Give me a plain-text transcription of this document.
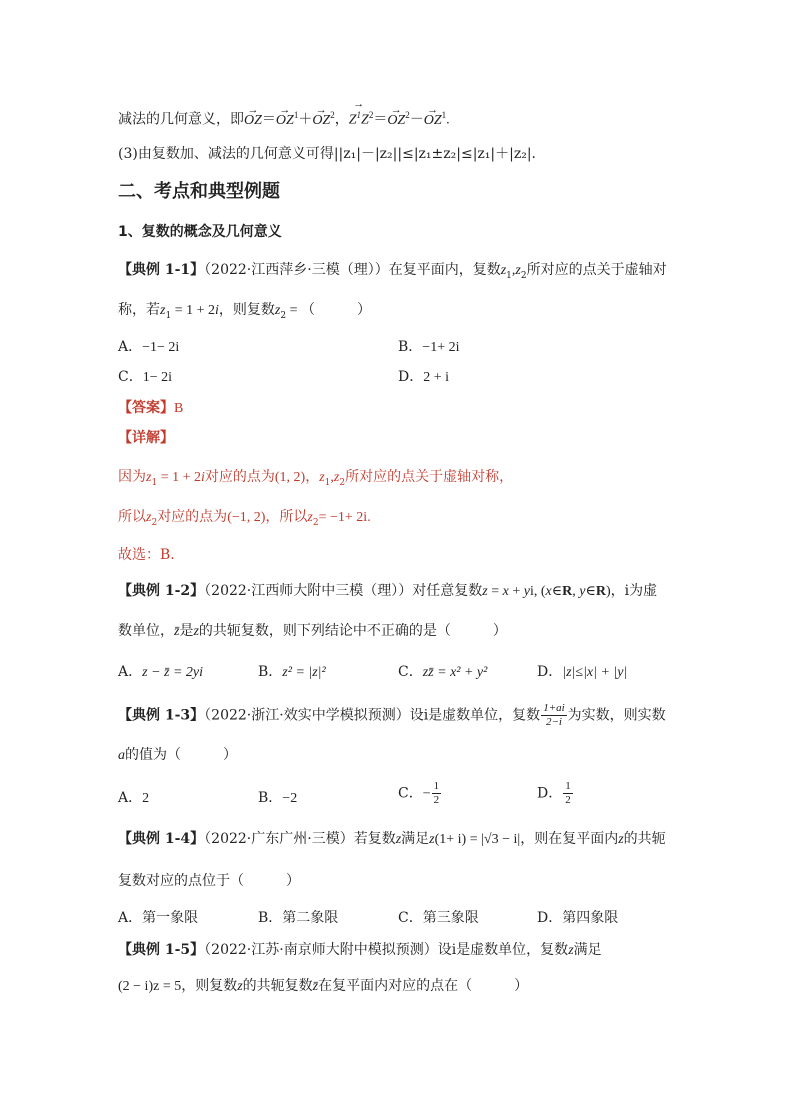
减法的几何意义，即→ $OZ=\to OZ^1+\to OZ^2$，→ $Z^1Z^2=\to OZ^2-\to OZ^1$.
(3)由复数加、减法的几何意义可得||z₁|－|z₂||≤|z₁±z₂|≤|z₁|＋|z₂|.
二、考点和典型例题
1、复数的概念及几何意义
【典例 1-1】（2022·江西萍乡·三模（理））在复平面内，复数$z_1,z_2$所对应的点关于虚轴对
称，若$z_1 = 1 + 2i$，则复数$z_2$ = （　　　）
A．−1− 2i	B．−1+ 2i
C．1− 2i	D．2 + i
【答案】B
【详解】
因为$z_1 = 1 + 2i$对应的点为(1, 2)，$z_1,z_2$所对应的点关于虚轴对称，
所以$z_2$对应的点为(−1, 2)，所以$z_2= -1+ 2i$.
故选：B.
【典例 1-2】（2022·江西师大附中三模（理））对任意复数z = x + yi, (x∈R, y∈R)，i为虚
数单位，z̄是z的共轭复数，则下列结论中不正确的是（　　　）
A．z − z̄ = 2yi	B．z² = |z|²	C．zz̄ = x² + y²	D．|z|≤|x| + |y|
【典例 1-3】（2022·浙江·效实中学模拟预测）设i是虚数单位，复数 $\frac{1+ai}{2-i}$ 为实数，则实数
a的值为（　　　）
A．2	B．−2	C．− $\frac{1}{2}$	D． $\frac{1}{2}$
【典例 1-4】（2022·广东广州·三模）若复数z满足z(1+ i) = |√3 − i|，则在复平面内z的共轭
复数对应的点位于（　　　）
A．第一象限	B．第二象限	C．第三象限	D．第四象限
【典例 1-5】（2022·江苏·南京师大附中模拟预测）设i是虚数单位，复数z满足
(2 − i)z = 5，则复数z的共轭复数z̄在复平面内对应的点在（　　　）
